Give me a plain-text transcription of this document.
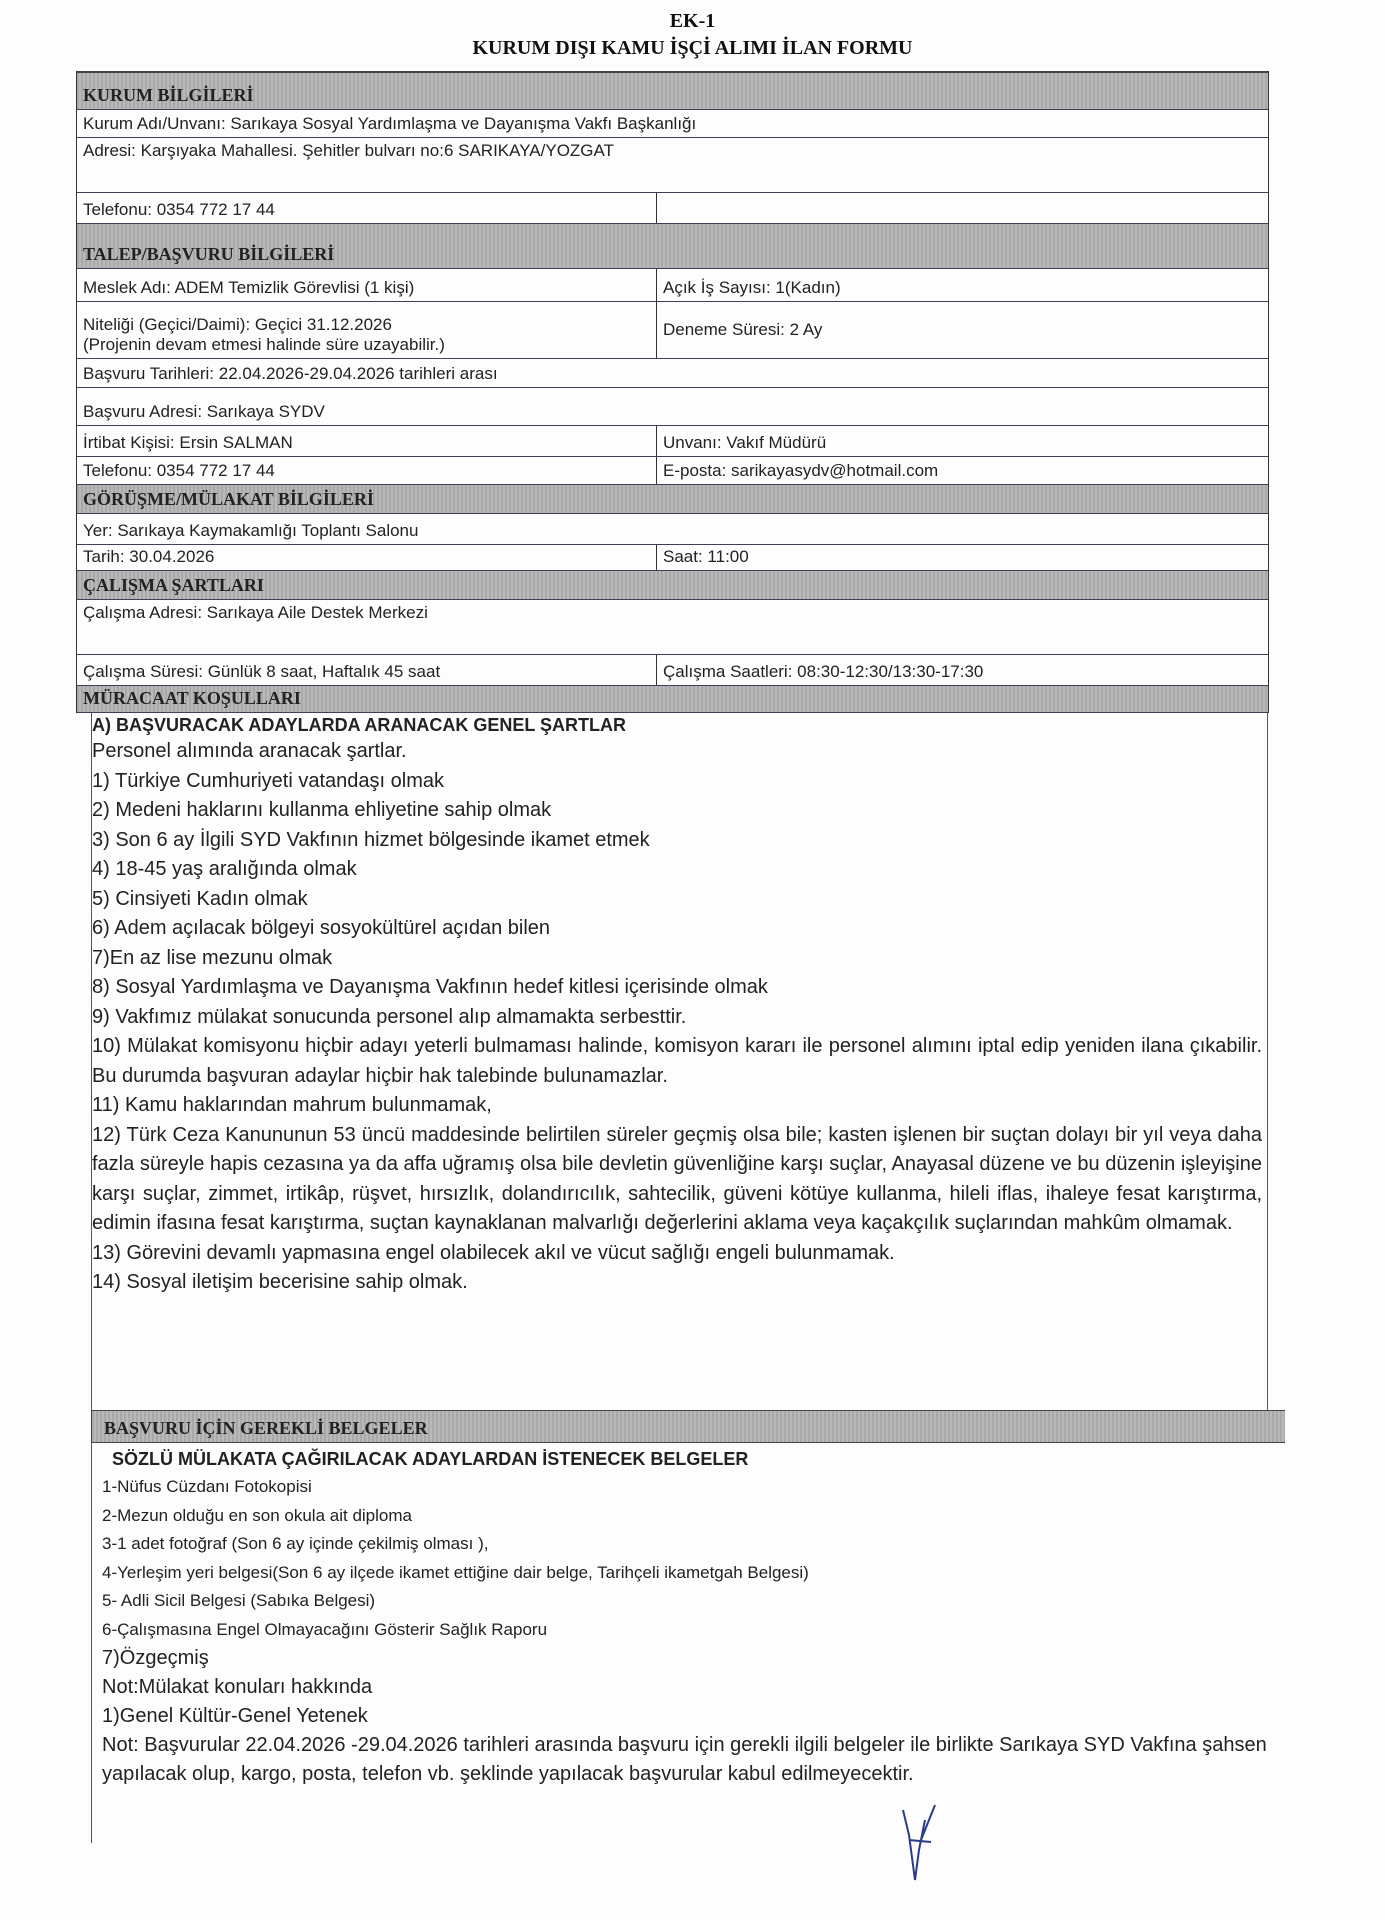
EK-1
KURUM DIŞI KAMU İŞÇİ ALIMI İLAN FORMU
KURUM BİLGİLERİ
Kurum Adı/Unvanı: Sarıkaya Sosyal Yardımlaşma ve Dayanışma Vakfı Başkanlığı
Adresi: Karşıyaka Mahallesi. Şehitler bulvarı no:6 SARIKAYA/YOZGAT
Telefonu: 0354 772 17 44
TALEP/BAŞVURU BİLGİLERİ
Meslek Adı: ADEM Temizlik Görevlisi (1 kişi)	Açık İş Sayısı: 1(Kadın)
Niteliği (Geçici/Daimi): Geçici 31.12.2026
(Projenin devam etmesi halinde süre uzayabilir.)
Deneme Süresi: 2 Ay
Başvuru Tarihleri: 22.04.2026-29.04.2026 tarihleri arası
Başvuru Adresi: Sarıkaya SYDV
İrtibat Kişisi: Ersin SALMAN	Unvanı: Vakıf Müdürü
Telefonu: 0354 772 17 44	E-posta: sarikayasydv@hotmail.com
GÖRÜŞME/MÜLAKAT BİLGİLERİ
Yer: Sarıkaya Kaymakamlığı Toplantı Salonu
Tarih: 30.04.2026	Saat: 11:00
ÇALIŞMA ŞARTLARI
Çalışma Adresi: Sarıkaya Aile Destek Merkezi
Çalışma Süresi: Günlük 8 saat, Haftalık 45 saat	Çalışma Saatleri: 08:30-12:30/13:30-17:30
MÜRACAAT KOŞULLARI

A) BAŞVURACAK ADAYLARDA ARANACAK GENEL ŞARTLAR

Personel alımında aranacak şartlar.

1) Türkiye Cumhuriyeti vatandaşı olmak

2) Medeni haklarını kullanma ehliyetine sahip olmak

3) Son 6 ay İlgili SYD Vakfının hizmet bölgesinde ikamet etmek

4) 18-45 yaş aralığında olmak

5) Cinsiyeti Kadın olmak

6) Adem açılacak bölgeyi sosyokültürel açıdan bilen

7)En az lise mezunu olmak

8) Sosyal Yardımlaşma ve Dayanışma Vakfının hedef kitlesi içerisinde olmak

9) Vakfımız mülakat sonucunda personel alıp almamakta serbesttir.

10) Mülakat komisyonu hiçbir adayı yeterli bulmaması halinde, komisyon kararı ile personel alımını iptal edip yeniden ilana çıkabilir. Bu durumda başvuran adaylar hiçbir hak talebinde bulunamazlar.

11) Kamu haklarından mahrum bulunmamak,

12) Türk Ceza Kanununun 53 üncü maddesinde belirtilen süreler geçmiş olsa bile; kasten işlenen bir suçtan dolayı bir yıl veya daha fazla süreyle hapis cezasına ya da affa uğramış olsa bile devletin güvenliğine karşı suçlar, Anayasal düzene ve bu düzenin işleyişine karşı suçlar, zimmet, irtikâp, rüşvet, hırsızlık, dolandırıcılık, sahtecilik, güveni kötüye kullanma, hileli iflas, ihaleye fesat karıştırma, edimin ifasına fesat karıştırma, suçtan kaynaklanan malvarlığı değerlerini aklama veya kaçakçılık suçlarından mahkûm olmamak.

13) Görevini devamlı yapmasına engel olabilecek akıl ve vücut sağlığı engeli bulunmamak.

14) Sosyal iletişim becerisine sahip olmak.

BAŞVURU İÇİN GEREKLİ BELGELER
SÖZLÜ MÜLAKATA ÇAĞIRILACAK ADAYLARDAN İSTENECEK BELGELER
1-Nüfus Cüzdanı Fotokopisi
2-Mezun olduğu en son okula ait diploma
3-1 adet fotoğraf (Son 6 ay içinde çekilmiş olması ),
4-Yerleşim yeri belgesi(Son 6 ay ilçede ikamet ettiğine dair belge, Tarihçeli ikametgah Belgesi)
5- Adli Sicil Belgesi (Sabıka Belgesi)
6-Çalışmasına Engel Olmayacağını Gösterir Sağlık Raporu
7)Özgeçmiş
Not:Mülakat konuları hakkında
1)Genel Kültür-Genel Yetenek
Not: Başvurular 22.04.2026 -29.04.2026 tarihleri arasında başvuru için gerekli ilgili belgeler ile birlikte Sarıkaya SYD Vakfına şahsen yapılacak olup, kargo, posta, telefon vb. şeklinde yapılacak başvurular kabul edilmeyecektir.
